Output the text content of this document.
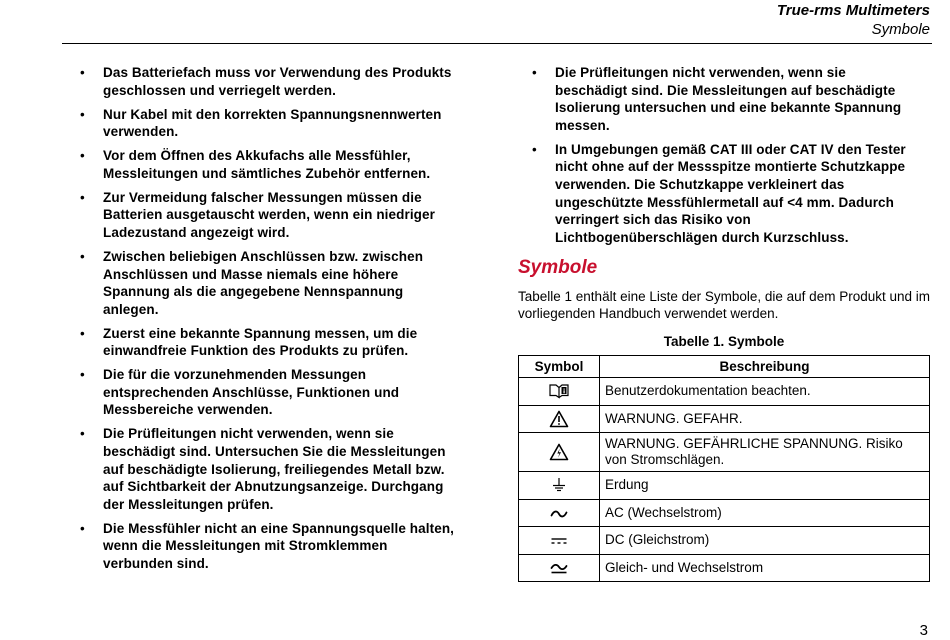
True-rms Multimeters
Symbole
• Das Batteriefach muss vor Verwendung des Produkts geschlossen und verriegelt werden.
• Nur Kabel mit den korrekten Spannungsnennwerten verwenden.
• Vor dem Öffnen des Akkufachs alle Messfühler, Messleitungen und sämtliches Zubehör entfernen.
• Zur Vermeidung falscher Messungen müssen die Batterien ausgetauscht werden, wenn ein niedriger Ladezustand angezeigt wird.
• Zwischen beliebigen Anschlüssen bzw. zwischen Anschlüssen und Masse niemals eine höhere Spannung als die angegebene Nennspannung anlegen.
• Zuerst eine bekannte Spannung messen, um die einwandfreie Funktion des Produkts zu prüfen.
• Die für die vorzunehmenden Messungen entsprechenden Anschlüsse, Funktionen und Messbereiche verwenden.
• Die Prüfleitungen nicht verwenden, wenn sie beschädigt sind. Untersuchen Sie die Messleitungen auf beschädigte Isolierung, freiliegendes Metall bzw. auf Sichtbarkeit der Abnutzungsanzeige. Durchgang der Messleitungen prüfen.
• Die Messfühler nicht an eine Spannungsquelle halten, wenn die Messleitungen mit Stromklemmen verbunden sind.
• Die Prüfleitungen nicht verwenden, wenn sie beschädigt sind. Die Messleitungen auf beschädigte Isolierung untersuchen und eine bekannte Spannung messen.
• In Umgebungen gemäß CAT III oder CAT IV den Tester nicht ohne auf der Messspitze montierte Schutzkappe verwenden. Die Schutzkappe verkleinert das ungeschützte Messfühlermetall auf <4 mm. Dadurch verringert sich das Risiko von Lichtbogenüberschlägen durch Kurzschluss.
Symbole
Tabelle 1 enthält eine Liste der Symbole, die auf dem Produkt und im vorliegenden Handbuch verwendet werden.
Tabelle 1. Symbole
Symbol	Beschreibung
	Benutzerdokumentation beachten.
	WARNUNG. GEFAHR.
	WARNUNG. GEFÄHRLICHE SPANNUNG. Risiko von Stromschlägen.
	Erdung
	AC (Wechselstrom)
	DC (Gleichstrom)
	Gleich- und Wechselstrom
3
